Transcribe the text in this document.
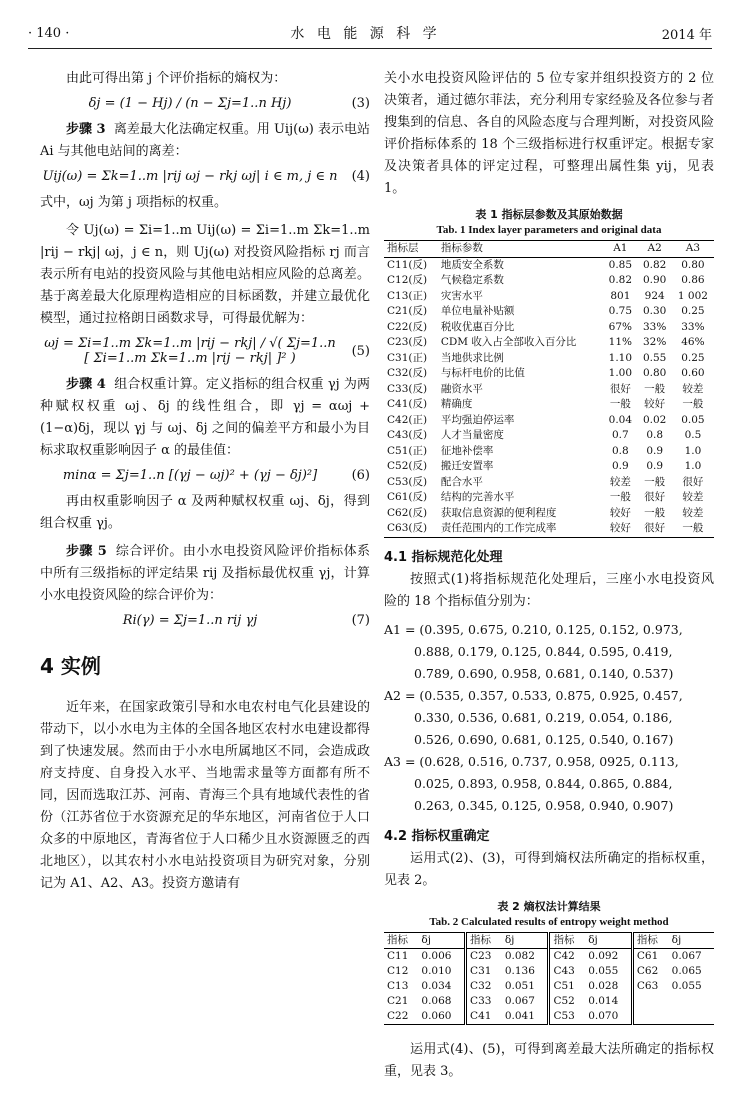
· 140 ·	水 电 能 源 科 学	2014 年

由此可得出第 j 个评价指标的熵权为：

δj = (1 − Hj) / (n − Σj=1..n Hj)	(3)

步骤 3 离差最大化法确定权重。用 Uij(ω) 表示电站 Ai 与其他电站间的离差：

Uij(ω) = Σk=1..m |rij ωj − rkj ωj| i ∈ m, j ∈ n	(4)

式中，ωj 为第 j 项指标的权重。

令 Uj(ω) = Σi=1..m Uij(ω) = Σi=1..m Σk=1..m |rij − rkj| ωj，j ∈ n，则 Uj(ω) 对投资风险指标 rj 而言表示所有电站的投资风险与其他电站相应风险的总离差。基于离差最大化原理构造相应的目标函数，并建立最优化模型，通过拉格朗日函数求导，可得最优解为：

ωj = Σi=1..m Σk=1..m |rij − rkj| / √( Σj=1..n [ Σi=1..m Σk=1..m |rij − rkj| ]² )	(5)

步骤 4 组合权重计算。定义指标的组合权重 γj 为两种赋权权重 ωj、δj 的线性组合，即 γj = αωj + (1−α)δj，现以 γj 与 ωj、δj 之间的偏差平方和最小为目标求取权重影响因子 α 的最佳值：

minα = Σj=1..n [(γj − ωj)² + (γj − δj)²]	(6)

再由权重影响因子 α 及两种赋权权重 ωj、δj，得到组合权重 γj。

步骤 5 综合评价。由小水电投资风险评价指标体系中所有三级指标的评定结果 rij 及指标最优权重 γj，计算小水电投资风险的综合评价为：

Ri(γ) = Σj=1..n rij γj	(7)
4 实例

近年来，在国家政策引导和水电农村电气化县建设的带动下，以小水电为主体的全国各地区农村水电建设都得到了快速发展。然而由于小水电所属地区不同，会造成政府支持度、自身投入水平、当地需求量等方面都有所不同，因而选取江苏、河南、青海三个具有地域代表性的省份（江苏省位于水资源充足的华东地区，河南省位于人口众多的中原地区，青海省位于人口稀少且水资源匮乏的西北地区），以其农村小水电站投资项目为研究对象，分别记为 A1、A2、A3。投资方邀请有

关小水电投资风险评估的 5 位专家并组织投资方的 2 位决策者，通过德尔菲法，充分利用专家经验及各位参与者搜集到的信息、各自的风险态度与合理判断，对投资风险评价指标体系的 18 个三级指标进行权重评定。根据专家及决策者具体的评定过程，可整理出属性集 yij，见表 1。

表 1 指标层参数及其原始数据
Tab. 1 Index layer parameters and original data
指标层	指标参数	A1	A2	A3
C11(反)	地质安全系数	0.85	0.82	0.80
C12(反)	气候稳定系数	0.82	0.90	0.86
C13(正)	灾害水平	801	924	1 002
C21(反)	单位电量补贴额	0.75	0.30	0.25
C22(反)	税收优惠百分比	67%	33%	33%
C23(反)	CDM 收入占全部收入百分比	11%	32%	46%
C31(正)	当地供求比例	1.10	0.55	0.25
C32(反)	与标杆电价的比值	1.00	0.80	0.60
C33(反)	融资水平	很好	一般	较差
C41(反)	精确度	一般	较好	一般
C42(正)	平均强迫停运率	0.04	0.02	0.05
C43(反)	人才当量密度	0.7	0.8	0.5
C51(正)	征地补偿率	0.8	0.9	1.0
C52(反)	搬迁安置率	0.9	0.9	1.0
C53(反)	配合水平	较差	一般	很好
C61(反)	结构的完善水平	一般	很好	较差
C62(反)	获取信息资源的便利程度	较好	一般	较差
C63(反)	责任范围内的工作完成率	较好	很好	一般
4.1 指标规范化处理

按照式(1)将指标规范化处理后，三座小水电投资风险的 18 个指标值分别为：

A1 = (0.395, 0.675, 0.210, 0.125, 0.152, 0.973,
0.888, 0.179, 0.125, 0.844, 0.595, 0.419,
0.789, 0.690, 0.958, 0.681, 0.140, 0.537)
A2 = (0.535, 0.357, 0.533, 0.875, 0.925, 0.457,
0.330, 0.536, 0.681, 0.219, 0.054, 0.186,
0.526, 0.690, 0.681, 0.125, 0.540, 0.167)
A3 = (0.628, 0.516, 0.737, 0.958, 0925, 0.113,
0.025, 0.893, 0.958, 0.844, 0.865, 0.884,
0.263, 0.345, 0.125, 0.958, 0.940, 0.907)
4.2 指标权重确定

运用式(2)、(3)，可得到熵权法所确定的指标权重，见表 2。

表 2 熵权法计算结果
Tab. 2 Calculated results of entropy weight method
指标	δj	指标	δj	指标	δj	指标	δj
C11	0.006	C23	0.082	C42	0.092	C61	0.067
C12	0.010	C31	0.136	C43	0.055	C62	0.065
C13	0.034	C32	0.051	C51	0.028	C63	0.055
C21	0.068	C33	0.067	C52	0.014		
C22	0.060	C41	0.041	C53	0.070		

运用式(4)、(5)，可得到离差最大法所确定的指标权重，见表 3。
